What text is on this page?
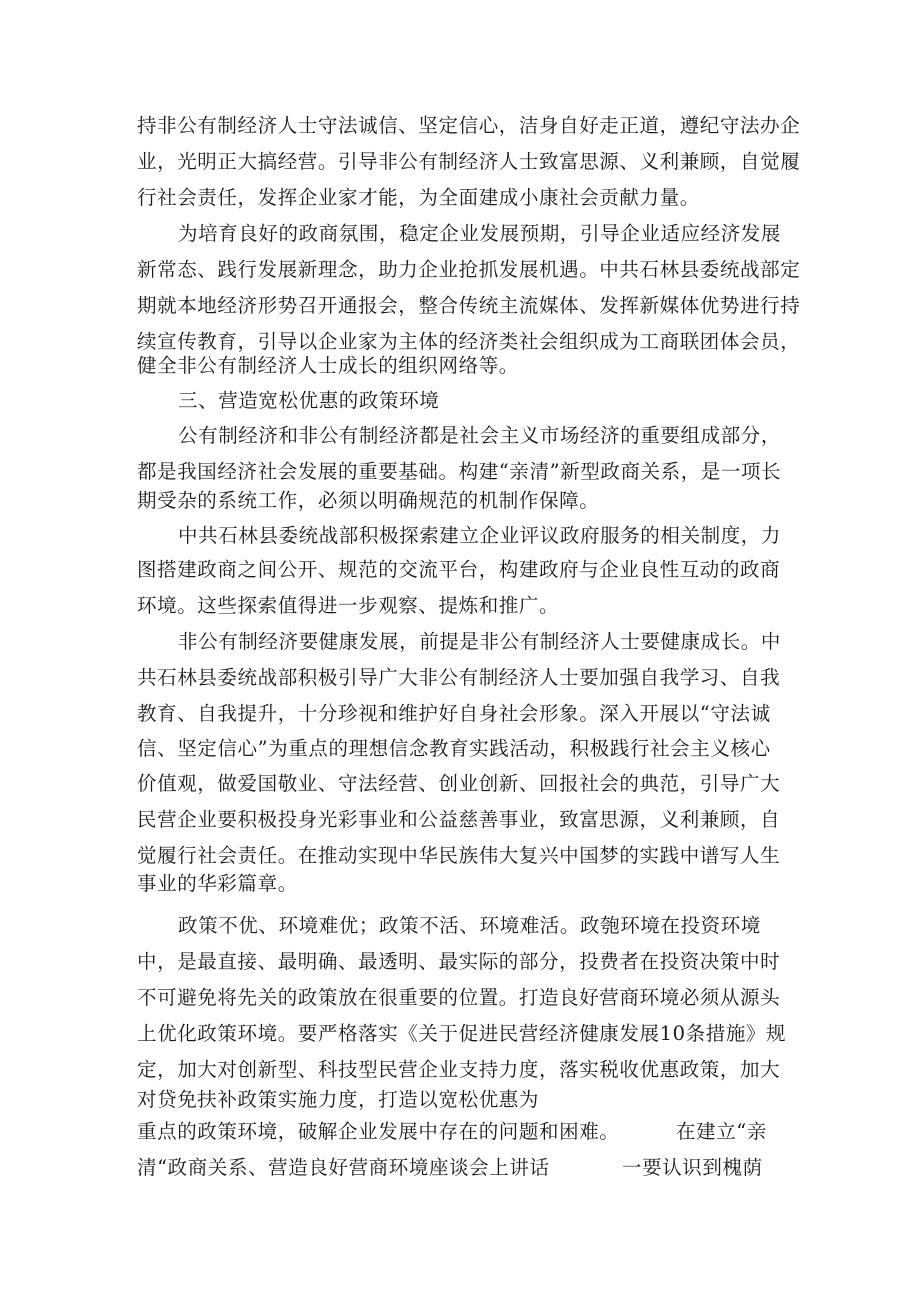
持非公有制经济人士守法诚信、坚定信心，洁身自好走正道，遵纪守法办企
业，光明正大搞经营。引导非公有制经济人士致富思源、义利兼顾，自觉履
行社会责任，发挥企业家才能，为全面建成小康社会贡献力量。
为培育良好的政商氛围，稳定企业发展预期，引导企业适应经济发展
新常态、践行发展新理念，助力企业抢抓发展机遇。中共石林县委统战部定
期就本地经济形势召开通报会，整合传统主流媒体、发挥新媒体优势进行持
续宣传教育，引导以企业家为主体的经济类社会组织成为工商联团体会员，
健全非公有制经济人士成长的组织网络等。
三、营造宽松优惠的政策环境
公有制经济和非公有制经济都是社会主义市场经济的重要组成部分，
都是我国经济社会发展的重要基础。构建“亲清”新型政商关系，是一项长
期受杂的系统工作，必须以明确规范的机制作保障。
中共石林县委统战部积极探索建立企业评议政府服务的相关制度，力
图搭建政商之间公开、规范的交流平台，构建政府与企业良性互动的政商
环境。这些探索值得进一步观察、提炼和推广。
非公有制经济要健康发展，前提是非公有制经济人士要健康成长。中
共石林县委统战部积极引导广大非公有制经济人士要加强自我学习、自我
教育、自我提升，十分珍视和维护好自身社会形象。深入开展以“守法诚
信、坚定信心”为重点的理想信念教育实践活动，积极践行社会主义核心
价值观，做爱国敬业、守法经营、创业创新、回报社会的典范，引导广大
民营企业要积极投身光彩事业和公益慈善事业，致富思源，义利兼顾，自
觉履行社会责任。在推动实现中华民族伟大复兴中国梦的实践中谱写人生
事业的华彩篇章。
政策不优、环境难优；政策不活、环境难活。政匏环境在投资环境
中，是最直接、最明确、最透明、最实际的部分，投费者在投资决策中时
不可避免将先关的政策放在很重要的位置。打造良好营商环境必须从源头
上优化政策环境。要严格落实《关于促进民营经济健康发展10条措施》规
定，加大对创新型、科技型民营企业支持力度，落实税收优惠政策，加大
对贷免扶补政策实施力度，打造以宽松优惠为
重点的政策环境，破解企业发展中存在的问题和困难。	在建立“亲
清“政商关系、营造良好营商环境座谈会上讲话	一要认识到槐荫
